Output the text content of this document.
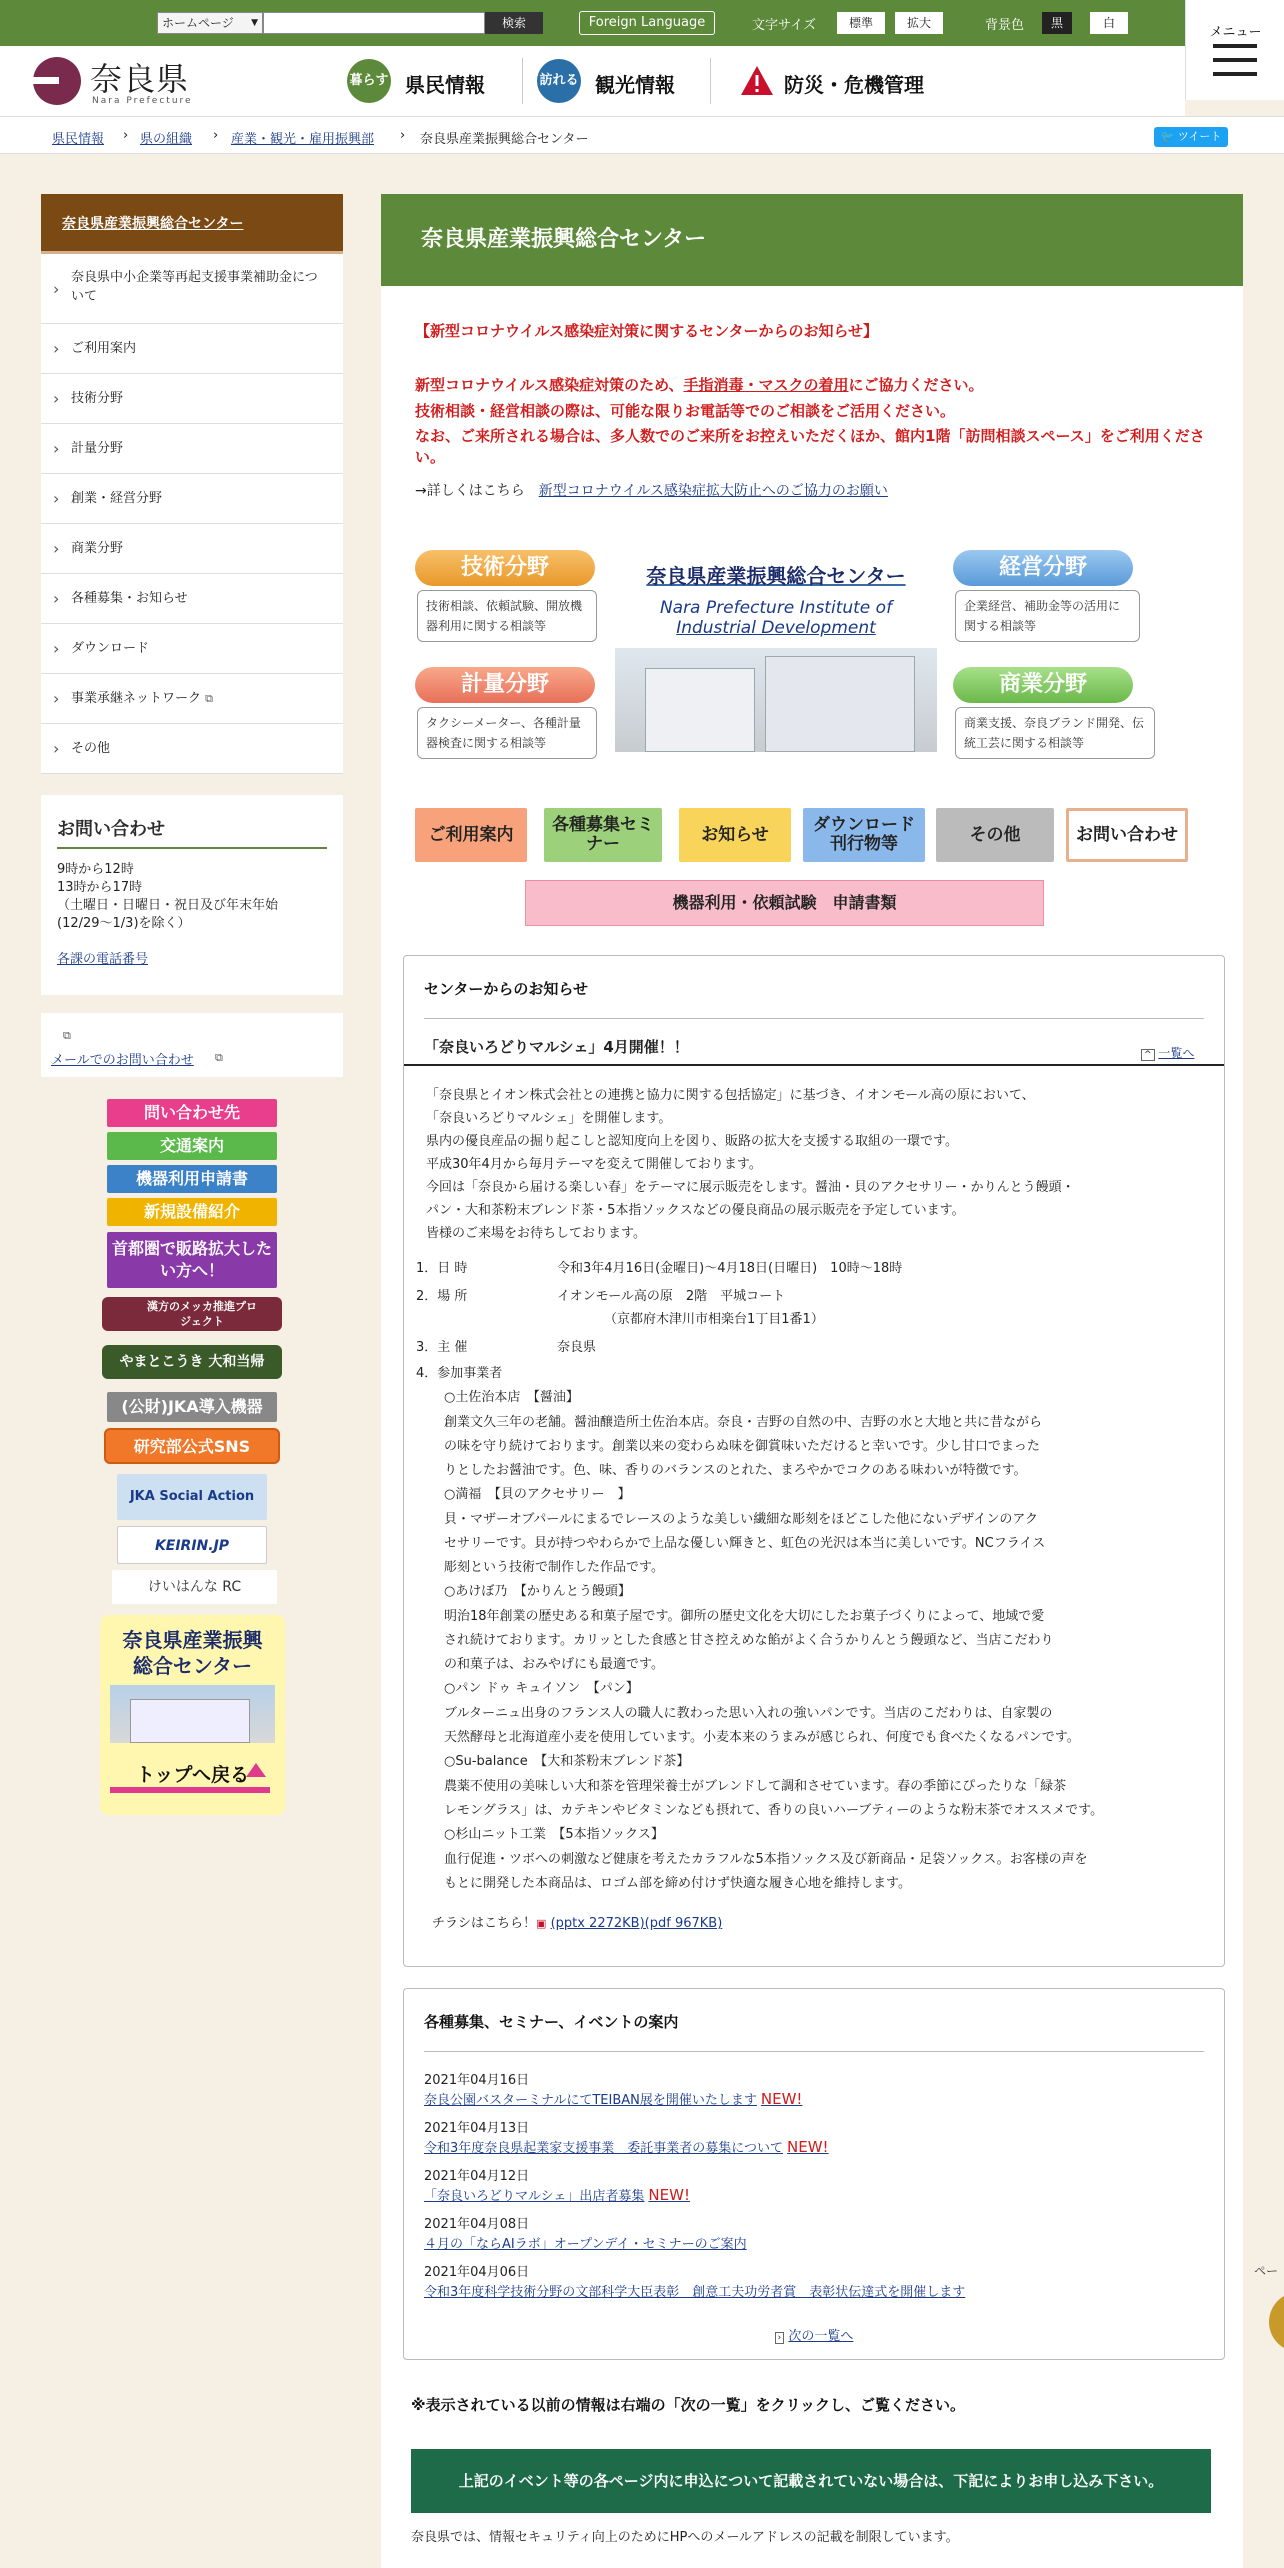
ホームページ ▼	検索	Foreign Language	文字サイズ	標準	拡大	背景色	黒	白
メニュー
奈良県
Nara Prefecture
暮らす 県民情報	訪れる 観光情報	防災・危機管理
県民情報 › 県の組織 › 産業・観光・雇用振興部 › 奈良県産業振興総合センター	🐦 ツイート
奈良県産業振興総合センター
› 奈良県中小企業等再起支援事業補助金について
› ご利用案内
› 技術分野
› 計量分野
› 創業・経営分野
› 商業分野
› 各種募集・お知らせ
› ダウンロード
› 事業承継ネットワーク ⧉
› その他
お問い合わせ

9時から12時

13時から17時

（土曜日・日曜日・祝日及び年末年始

(12/29～1/3)を除く）

各課の電話番号

⧉
メールでのお問い合わせ ⧉
問い合わせ先
交通案内
機器利用申請書
新規設備紹介
首都圏で販路拡大したい方へ！
漢方のメッカ推進プロジェクト
やまとこうき 大和当帰
(公財)JKA導入機器
研究部公式SNS
JKA Social Action
KEIRIN.JP
けいはんな RC
奈良県産業振興総合センター
トップへ戻る
奈良県産業振興総合センター
【新型コロナウイルス感染症対策に関するセンターからのお知らせ】
新型コロナウイルス感染症対策のため、手指消毒・マスクの着用にご協力ください。
技術相談・経営相談の際は、可能な限りお電話等でのご相談をご活用ください。
なお、ご来所される場合は、多人数でのご来所をお控えいただくほか、館内1階「訪問相談スペース」をご利用ください。
→詳しくはこちら　 新型コロナウイルス感染症拡大防止へのご協力のお願い
技術分野
技術相談、依頼試験、開放機器利用に関する相談等
計量分野
タクシーメーター、各種計量器検査に関する相談等
奈良県産業振興総合センター
Nara Prefecture Institute of
Industrial Development
経営分野
企業経営、補助金等の活用に関する相談等
商業分野
商業支援、奈良ブランド開発、伝統工芸に関する相談等
ご利用案内	各種募集セミナー	お知らせ	ダウンロード刊行物等	その他	お問い合わせ
機器利用・依頼試験　申請書類
センターからのお知らせ
「奈良いろどりマルシェ」4月開催！！	^ 一覧へ
「奈良県とイオン株式会社との連携と協力に関する包括協定」に基づき、イオンモール高の原において、
「奈良いろどりマルシェ」を開催します。
県内の優良産品の掘り起こしと認知度向上を図り、販路の拡大を支援する取組の一環です。
平成30年4月から毎月テーマを変えて開催しております。
今回は「奈良から届ける楽しい春」をテーマに展示販売をします。醤油・貝のアクセサリー・かりんとう饅頭・
パン・大和茶粉末ブレンド茶・5本指ソックスなどの優良商品の展示販売を予定しています。
皆様のご来場をお待ちしております。
1．日 時	令和3年4月16日(金曜日)～4月18日(日曜日)　10時～18時
2．場 所	イオンモール高の原　2階　平城コート
（京都府木津川市相楽台1丁目1番1）
3．主 催	奈良県
4．参加事業者
○土佐治本店　【醤油】
創業文久三年の老舗。醤油醸造所土佐治本店。奈良・吉野の自然の中、吉野の水と大地と共に昔ながら
の味を守り続けております。創業以来の変わらぬ味を御賞味いただけると幸いです。少し甘口でまった
りとしたお醤油です。色、味、香りのバランスのとれた、まろやかでコクのある味わいが特徴です。
○満福　【貝のアクセサリー　】
貝・マザーオブパールにまるでレースのような美しい繊細な彫刻をほどこした他にないデザインのアク
セサリーです。貝が持つやわらかで上品な優しい輝きと、虹色の光沢は本当に美しいです。NCフライス
彫刻という技術で制作した作品です。
○あけぼ乃　【かりんとう饅頭】
明治18年創業の歴史ある和菓子屋です。御所の歴史文化を大切にしたお菓子づくりによって、地域で愛
され続けております。カリッとした食感と甘さ控えめな餡がよく合うかりんとう饅頭など、当店こだわり
の和菓子は、おみやげにも最適です。
○パン ドゥ キュイソン　【パン】
ブルターニュ出身のフランス人の職人に教わった思い入れの強いパンです。当店のこだわりは、自家製の
天然酵母と北海道産小麦を使用しています。小麦本来のうまみが感じられ、何度でも食べたくなるパンです。
○Su-balance　【大和茶粉末ブレンド茶】
農薬不使用の美味しい大和茶を管理栄養士がブレンドして調和させています。春の季節にぴったりな「緑茶
レモングラス」は、カテキンやビタミンなども摂れて、香りの良いハーブティーのような粉末茶でオススメです。
○杉山ニット工業　【5本指ソックス】
血行促進・ツボへの刺激など健康を考えたカラフルな5本指ソックス及び新商品・足袋ソックス。お客様の声を
もとに開発した本商品は、ロゴム部を締め付けず快適な履き心地を維持します。
チラシはこちら！▣ (pptx 2272KB)(pdf 967KB)
各種募集、セミナー、イベントの案内
2021年04月16日
奈良公園バスターミナルにてTEIBAN展を開催いたします NEW!
2021年04月13日
令和3年度奈良県起業家支援事業　委託事業者の募集について NEW!
2021年04月12日
「奈良いろどりマルシェ」出店者募集 NEW!
2021年04月08日
４月の「ならAIラボ」オープンデイ・セミナーのご案内
2021年04月06日
令和3年度科学技術分野の文部科学大臣表彰　創意工夫功労者賞　表彰状伝達式を開催します
› 次の一覧へ
※表示されている以前の情報は右端の「次の一覧」をクリックし、ご覧ください。
上記のイベント等の各ページ内に申込について記載されていない場合は、下記によりお申し込み下さい。
奈良県では、情報セキュリティ向上のためにHPへのメールアドレスの記載を制限しています。
ペー
